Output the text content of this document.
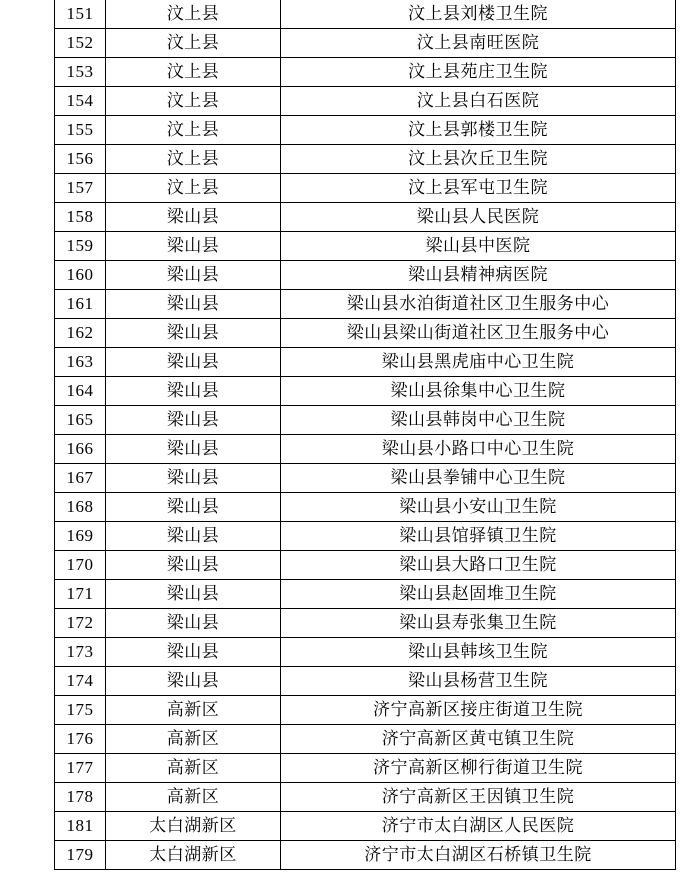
151	汶上县	汶上县刘楼卫生院
152	汶上县	汶上县南旺医院
153	汶上县	汶上县苑庄卫生院
154	汶上县	汶上县白石医院
155	汶上县	汶上县郭楼卫生院
156	汶上县	汶上县次丘卫生院
157	汶上县	汶上县军屯卫生院
158	梁山县	梁山县人民医院
159	梁山县	梁山县中医院
160	梁山县	梁山县精神病医院
161	梁山县	梁山县水泊街道社区卫生服务中心
162	梁山县	梁山县梁山街道社区卫生服务中心
163	梁山县	梁山县黑虎庙中心卫生院
164	梁山县	梁山县徐集中心卫生院
165	梁山县	梁山县韩岗中心卫生院
166	梁山县	梁山县小路口中心卫生院
167	梁山县	梁山县拳铺中心卫生院
168	梁山县	梁山县小安山卫生院
169	梁山县	梁山县馆驿镇卫生院
170	梁山县	梁山县大路口卫生院
171	梁山县	梁山县赵固堆卫生院
172	梁山县	梁山县寿张集卫生院
173	梁山县	梁山县韩垓卫生院
174	梁山县	梁山县杨营卫生院
175	高新区	济宁高新区接庄街道卫生院
176	高新区	济宁高新区黄屯镇卫生院
177	高新区	济宁高新区柳行街道卫生院
178	高新区	济宁高新区王因镇卫生院
181	太白湖新区	济宁市太白湖区人民医院
179	太白湖新区	济宁市太白湖区石桥镇卫生院
